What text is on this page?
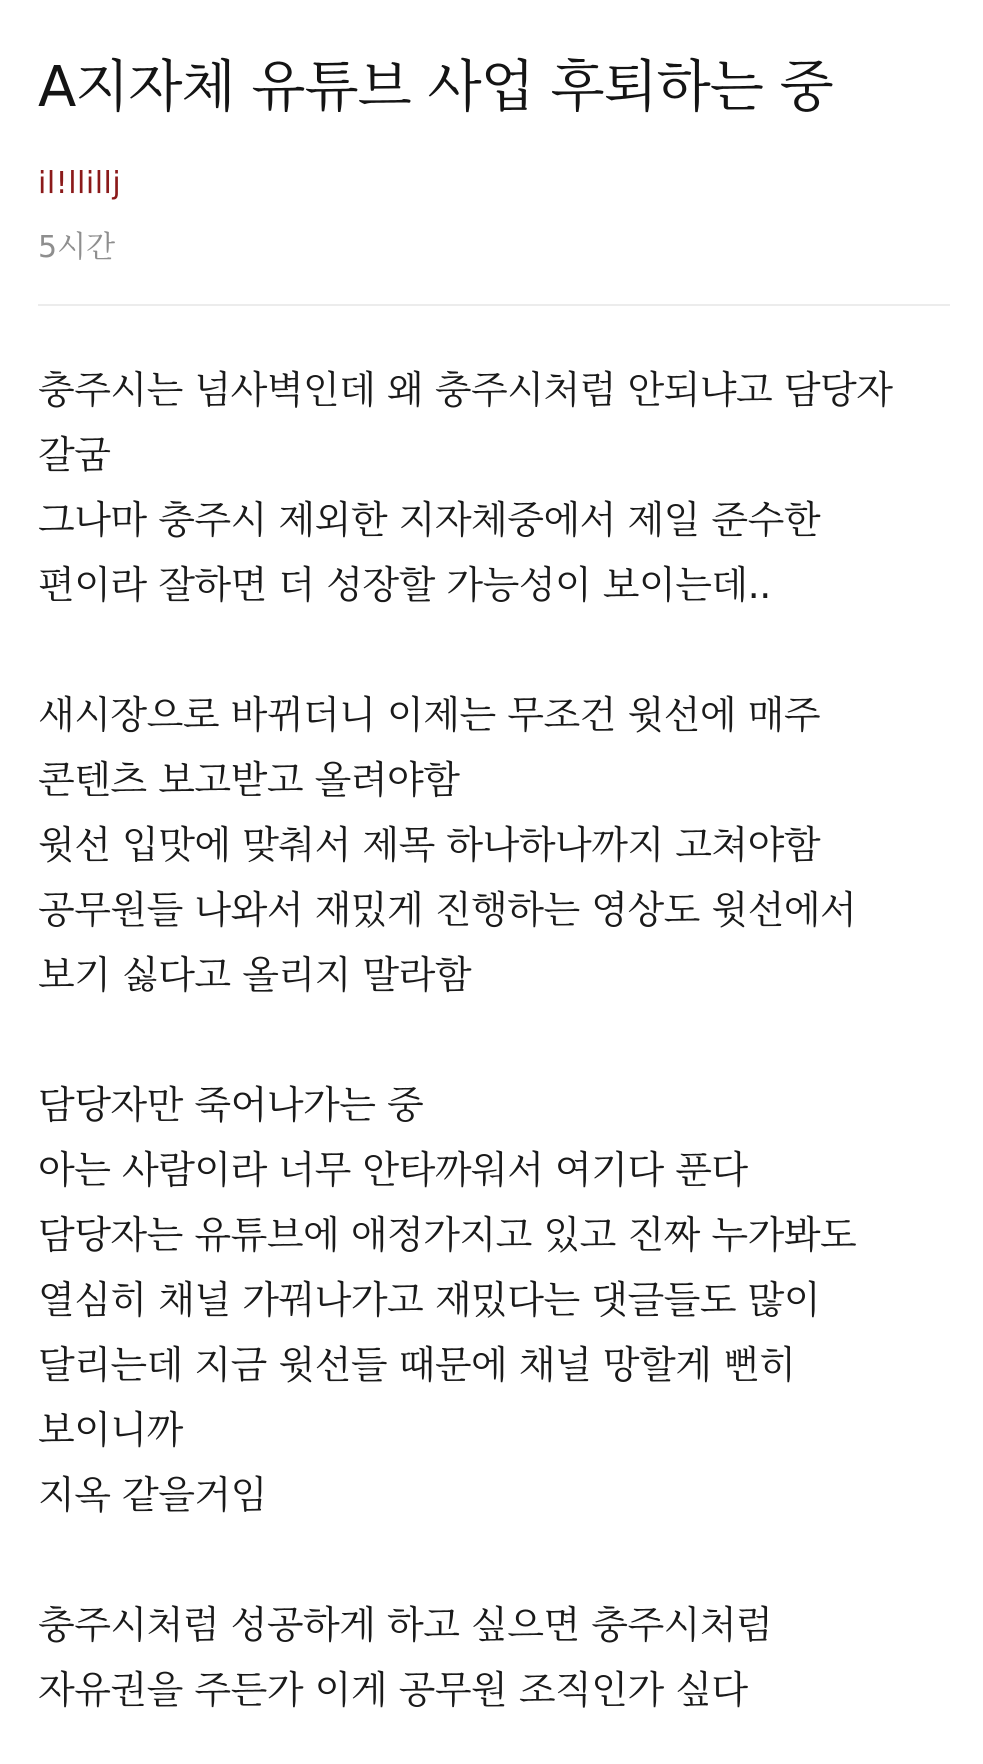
A지자체 유튜브 사업 후퇴하는 중
il!llillj
5시간
충주시는 넘사벽인데 왜 충주시처럼 안되냐고 담당자
갈굼
그나마 충주시 제외한 지자체중에서 제일 준수한
편이라 잘하면 더 성장할 가능성이 보이는데..
새시장으로 바뀌더니 이제는 무조건 윗선에 매주
콘텐츠 보고받고 올려야함
윗선 입맛에 맞춰서 제목 하나하나까지 고쳐야함
공무원들 나와서 재밌게 진행하는 영상도 윗선에서
보기 싫다고 올리지 말라함
담당자만 죽어나가는 중
아는 사람이라 너무 안타까워서 여기다 푼다
담당자는 유튜브에 애정가지고 있고 진짜 누가봐도
열심히 채널 가꿔나가고 재밌다는 댓글들도 많이
달리는데 지금 윗선들 때문에 채널 망할게 뻔히
보이니까
지옥 같을거임
충주시처럼 성공하게 하고 싶으면 충주시처럼
자유권을 주든가 이게 공무원 조직인가 싶다
